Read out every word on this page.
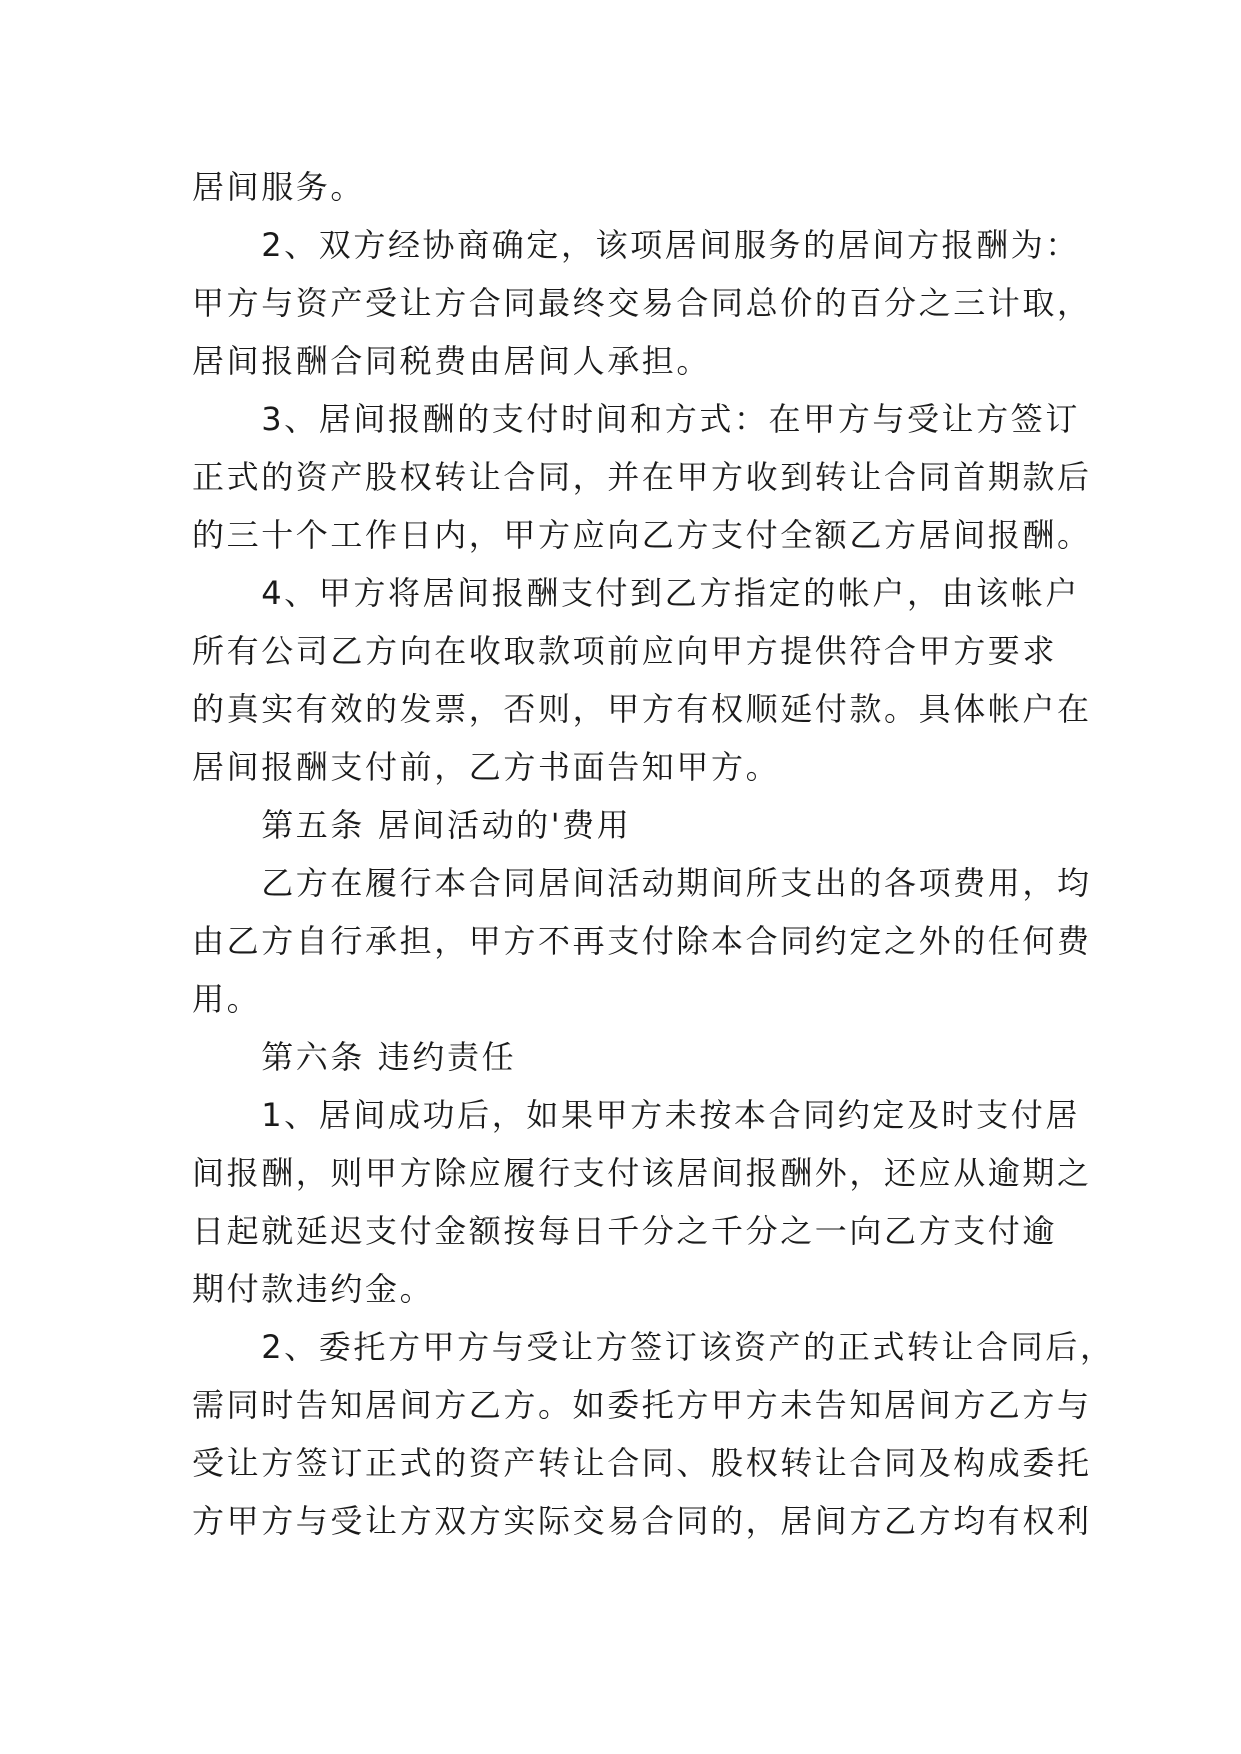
居间服务。
　　2、双方经协商确定，该项居间服务的居间方报酬为：
甲方与资产受让方合同最终交易合同总价的百分之三计取，
居间报酬合同税费由居间人承担。
　　3、居间报酬的支付时间和方式：在甲方与受让方签订
正式的资产股权转让合同，并在甲方收到转让合同首期款后
的三十个工作日内，甲方应向乙方支付全额乙方居间报酬。
　　4、甲方将居间报酬支付到乙方指定的帐户，由该帐户
所有公司乙方向在收取款项前应向甲方提供符合甲方要求
的真实有效的发票，否则，甲方有权顺延付款。具体帐户在
居间报酬支付前，乙方书面告知甲方。
　　第五条 居间活动的'费用
　　乙方在履行本合同居间活动期间所支出的各项费用，均
由乙方自行承担，甲方不再支付除本合同约定之外的任何费
用。
　　第六条 违约责任
　　1、居间成功后，如果甲方未按本合同约定及时支付居
间报酬，则甲方除应履行支付该居间报酬外，还应从逾期之
日起就延迟支付金额按每日千分之千分之一向乙方支付逾
期付款违约金。
　　2、委托方甲方与受让方签订该资产的正式转让合同后，
需同时告知居间方乙方。如委托方甲方未告知居间方乙方与
受让方签订正式的资产转让合同、股权转让合同及构成委托
方甲方与受让方双方实际交易合同的，居间方乙方均有权利
